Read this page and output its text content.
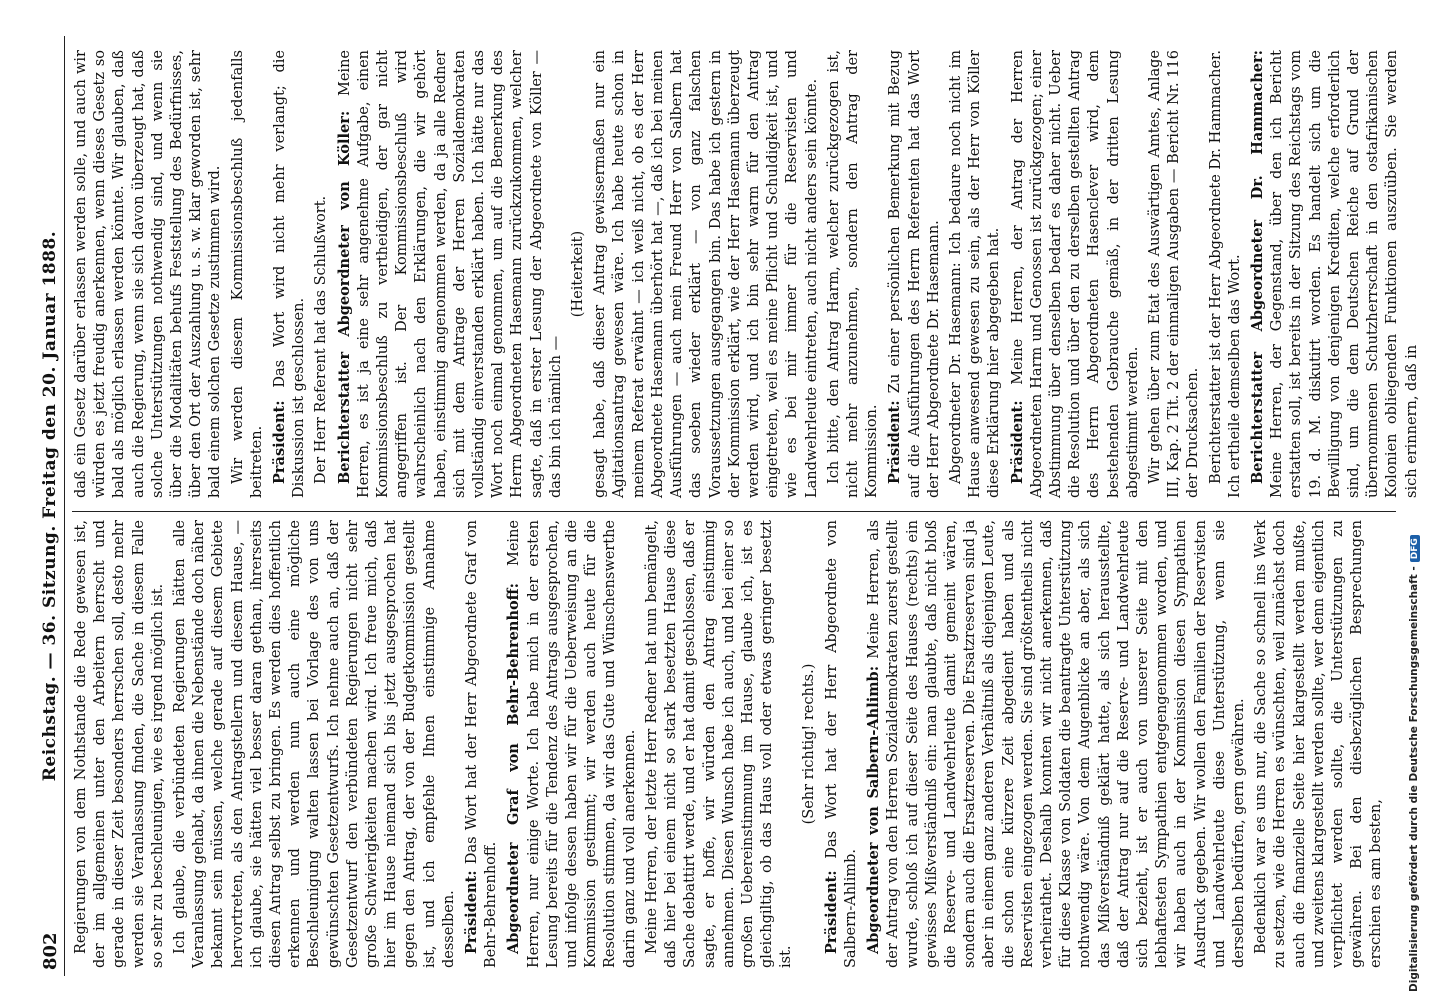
802
Reichstag. — 36. Sitzung. Freitag den 20. Januar 1888. Regierungen von dem Nothstande die Rede gewesen ist, der im allgemeinen unter den Arbeitern herrscht und gerade in dieser Zeit besonders herrschen soll, desto mehr werden sie Veranlassung finden, die Sache in diesem Falle so sehr zu beschleunigen, wie es irgend möglich ist. Ich glaube, die verbündeten Regierungen hätten alle Veranlassung gehabt, da ihnen die Nebenstände doch näher bekannt sein müssen, welche gerade auf diesem Gebiete hervortreten, als den Antragstellern und diesem Hause, — ich glaube, sie hätten viel besser daran gethan, ihrerseits diesen Antrag selbst zu bringen. Es werden dies hoffentlich erkennen und werden nun auch eine mögliche Beschleunigung walten lassen bei Vorlage des von uns gewünschten Gesetzentwurfs. Ich nehme auch an, daß der Gesetzentwurf den verbündeten Regierungen nicht sehr große Schwierigkeiten machen wird. Ich freue mich, daß hier im Hause niemand sich bis jetzt ausgesprochen hat gegen den Antrag, der von der Budgetkommission gestellt ist, und ich empfehle Ihnen einstimmige Annahme desselben. Präsident: Das Wort hat der Herr Abgeordnete Graf von Behr-Behrenhoff. Abgeordneter Graf von Behr-Behrenhoff: Meine Herren, nur einige Worte. Ich habe mich in der ersten Lesung bereits für die Tendenz des Antrags ausgesprochen, und infolge dessen haben wir für die Ueberweisung an die Kommission gestimmt; wir werden auch heute für die Resolution stimmen, da wir das Gute und Wünschenswerthe darin ganz und voll anerkennen. Meine Herren, der letzte Herr Redner hat nun bemängelt, daß hier bei einem nicht so stark besetzten Hause diese Sache debattirt werde, und er hat damit geschlossen, daß er sagte, er hoffe, wir würden den Antrag einstimmig annehmen. Diesen Wunsch habe ich auch, und bei einer so großen Uebereinstimmung im Hause, glaube ich, ist es gleichgiltig, ob das Haus voll oder etwas geringer besetzt ist.

(Sehr richtig! rechts.)

Präsident: Das Wort hat der Herr Abgeordnete von Salbern-Ahlimb. Abgeordneter von Salbern-Ahlimb: Meine Herren, als der Antrag von den Herren Sozialdemokraten zuerst gestellt wurde, schloß ich auf dieser Seite des Hauses (rechts) ein gewisses Mißverständniß ein: man glaubte, daß nicht bloß die Reserve- und Landwehrleute damit gemeint wären, sondern auch die Ersatzreserven. Die Ersatzreserven sind ja aber in einem ganz anderen Verhältniß als diejenigen Leute, die schon eine kürzere Zeit abgedient haben und als Reservisten eingezogen werden. Sie sind größtentheils nicht verheirathet. Deshalb konnten wir nicht anerkennen, daß für diese Klasse von Soldaten die beantragte Unterstützung nothwendig wäre. Von dem Augenblicke an aber, als sich das Mißverständniß geklärt hatte, als sich herausstellte, daß der Antrag nur auf die Reserve- und Landwehrleute sich bezieht, ist er auch von unserer Seite mit den lebhaftesten Sympathien entgegengenommen worden, und wir haben auch in der Kommission diesen Sympathien Ausdruck gegeben. Wir wollen den Familien der Reservisten und Landwehrleute diese Unterstützung, wenn sie derselben bedürfen, gern gewähren. Bedenklich war es uns nur, die Sache so schnell ins Werk zu setzen, wie die Herren es wünschten, weil zunächst doch auch die finanzielle Seite hier klargestellt werden mußte, und zweitens klargestellt werden sollte, wer denn eigentlich verpflichtet werden sollte, die Unterstützungen zu gewähren. Bei den diesbezüglichen Besprechungen erschien es am besten,

daß ein Gesetz darüber erlassen werden solle, und auch wir würden es jetzt freudig anerkennen, wenn dieses Gesetz so bald als möglich erlassen werden könnte. Wir glauben, daß auch die Regierung, wenn sie sich davon überzeugt hat, daß solche Unterstützungen nothwendig sind, und wenn sie über die Modalitäten behufs Feststellung des Bedürfnisses, über den Ort der Auszahlung u. s. w. klar geworden ist, sehr bald einem solchen Gesetze zustimmen wird. Wir werden diesem Kommissionsbeschluß jedenfalls beitreten. Präsident: Das Wort wird nicht mehr verlangt; die Diskussion ist geschlossen. Der Herr Referent hat das Schlußwort. Berichterstatter Abgeordneter von Köller: Meine Herren, es ist ja eine sehr angenehme Aufgabe, einen Kommissionsbeschluß zu vertheidigen, der gar nicht angegriffen ist. Der Kommissionsbeschluß wird wahrscheinlich nach den Erklärungen, die wir gehört haben, einstimmig angenommen werden, da ja alle Redner sich mit dem Antrage der Herren Sozialdemokraten vollständig einverstanden erklärt haben. Ich hätte nur das Wort noch einmal genommen, um auf die Bemerkung des Herrn Abgeordneten Hasemann zurückzukommen, welcher sagte, daß in erster Lesung der Abgeordnete von Köller — das bin ich nämlich —

(Heiterkeit) gesagt habe, daß dieser Antrag gewissermaßen nur ein Agitationsantrag gewesen wäre. Ich habe heute schon in meinem Referat erwähnt — ich weiß nicht, ob es der Herr Abgeordnete Hasemann überhört hat —, daß ich bei meinen Ausführungen — auch mein Freund Herr von Salbern hat das soeben wieder erklärt — von ganz falschen Voraussetzungen ausgegangen bin. Das habe ich gestern in der Kommission erklärt, wie der Herr Hasemann überzeugt werden wird, und ich bin sehr warm für den Antrag eingetreten, weil es meine Pflicht und Schuldigkeit ist, und wie es bei mir immer für die Reservisten und Landwehrleute eintreten, auch nicht anders sein könnte. Ich bitte, den Antrag Harm, welcher zurückgezogen ist, nicht mehr anzunehmen, sondern den Antrag der Kommission. Präsident: Zu einer persönlichen Bemerkung mit Bezug auf die Ausführungen des Herrn Referenten hat das Wort der Herr Abgeordnete Dr. Hasemann. Abgeordneter Dr. Hasemann: Ich bedaure noch nicht im Hause anwesend gewesen zu sein, als der Herr von Köller diese Erklärung hier abgegeben hat. Präsident: Meine Herren, der Antrag der Herren Abgeordneten Harm und Genossen ist zurückgezogen; einer Abstimmung über denselben bedarf es daher nicht. Ueber die Resolution und über den zu derselben gestellten Antrag des Herrn Abgeordneten Hasenclever wird, dem bestehenden Gebrauche gemäß, in der dritten Lesung abgestimmt werden. Wir gehen über zum Etat des Auswärtigen Amtes, Anlage III, Kap. 2 Tit. 2 der einmaligen Ausgaben — Bericht Nr. 116 der Drucksachen. Berichterstatter ist der Herr Abgeordnete Dr. Hammacher. Ich ertheile demselben das Wort. Berichterstatter Abgeordneter Dr. Hammacher: Meine Herren, der Gegenstand, über den ich Bericht erstatten soll, ist bereits in der Sitzung des Reichstags vom 19. d. M. diskutirt worden. Es handelt sich um die Bewilligung von denjenigen Krediten, welche erforderlich sind, um die dem Deutschen Reiche auf Grund der übernommenen Schutzherrschaft in den ostafrikanischen Kolonien obliegenden Funktionen auszuüben. Sie werden sich erinnern, daß in

Digitalisierung gefördert durch die Deutsche Forschungsgemeinschaft -DFG
